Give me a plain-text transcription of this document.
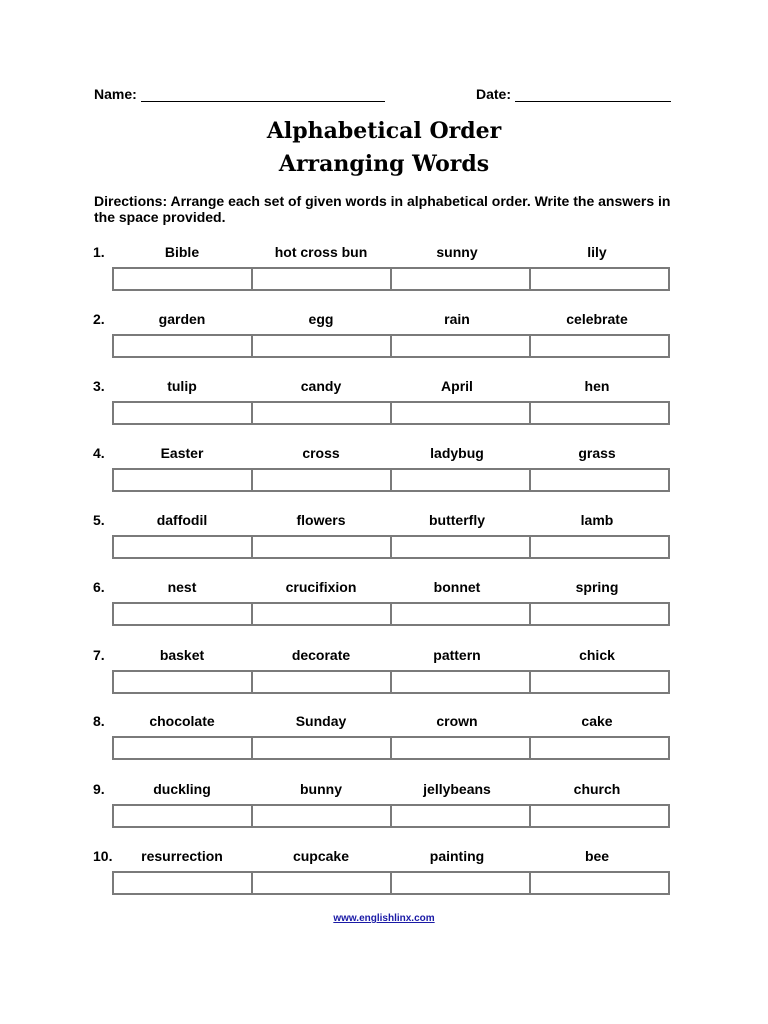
Name:	Date:
Alphabetical Order
Arranging Words
Directions: Arrange each set of given words in alphabetical order. Write the answers in the space provided.
1.	Bible	hot cross bun	sunny	lily
2.	garden	egg	rain	celebrate
3.	tulip	candy	April	hen
4.	Easter	cross	ladybug	grass
5.	daffodil	flowers	butterfly	lamb
6.	nest	crucifixion	bonnet	spring
7.	basket	decorate	pattern	chick
8.	chocolate	Sunday	crown	cake
9.	duckling	bunny	jellybeans	church
10.	resurrection	cupcake	painting	bee
www.englishlinx.com
